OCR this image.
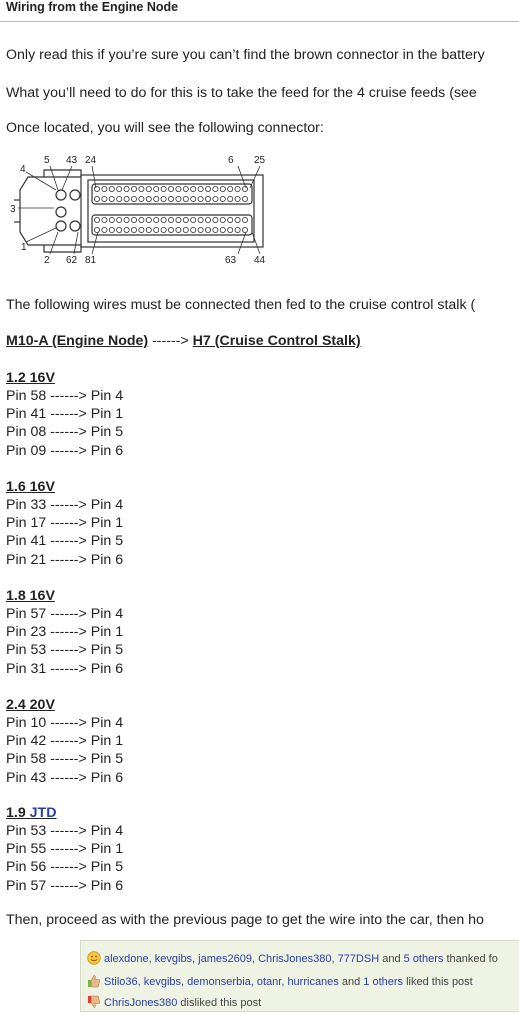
Wiring from the Engine Node
Only read this if you’re sure you can’t find the brown connector in the battery
What you’ll need to do for this is to take the feed for the 4 cruise feeds (see
Once located, you will see the following connector:
5 43 24	6 25
4
3
1
2 62 81	63 44
The following wires must be connected then fed to the cruise control stalk (
M10-A (Engine Node) ------> H7 (Cruise Control Stalk)
1.2 16V
Pin 58 ------> Pin 4
Pin 41 ------> Pin 1
Pin 08 ------> Pin 5
Pin 09 ------> Pin 6
1.6 16V
Pin 33 ------> Pin 4
Pin 17 ------> Pin 1
Pin 41 ------> Pin 5
Pin 21 ------> Pin 6
1.8 16V
Pin 57 ------> Pin 4
Pin 23 ------> Pin 1
Pin 53 ------> Pin 5
Pin 31 ------> Pin 6
2.4 20V
Pin 10 ------> Pin 4
Pin 42 ------> Pin 1
Pin 58 ------> Pin 5
Pin 43 ------> Pin 6
1.9 JTD
Pin 53 ------> Pin 4
Pin 55 ------> Pin 1
Pin 56 ------> Pin 5
Pin 57 ------> Pin 6
Then, proceed as with the previous page to get the wire into the car, then ho
alexdone, kevgibs, james2609, ChrisJones380, 777DSH and 5 others thanked fo
Stilo36, kevgibs, demonserbia, otanr, hurricanes and 1 others liked this post
ChrisJones380 disliked this post
